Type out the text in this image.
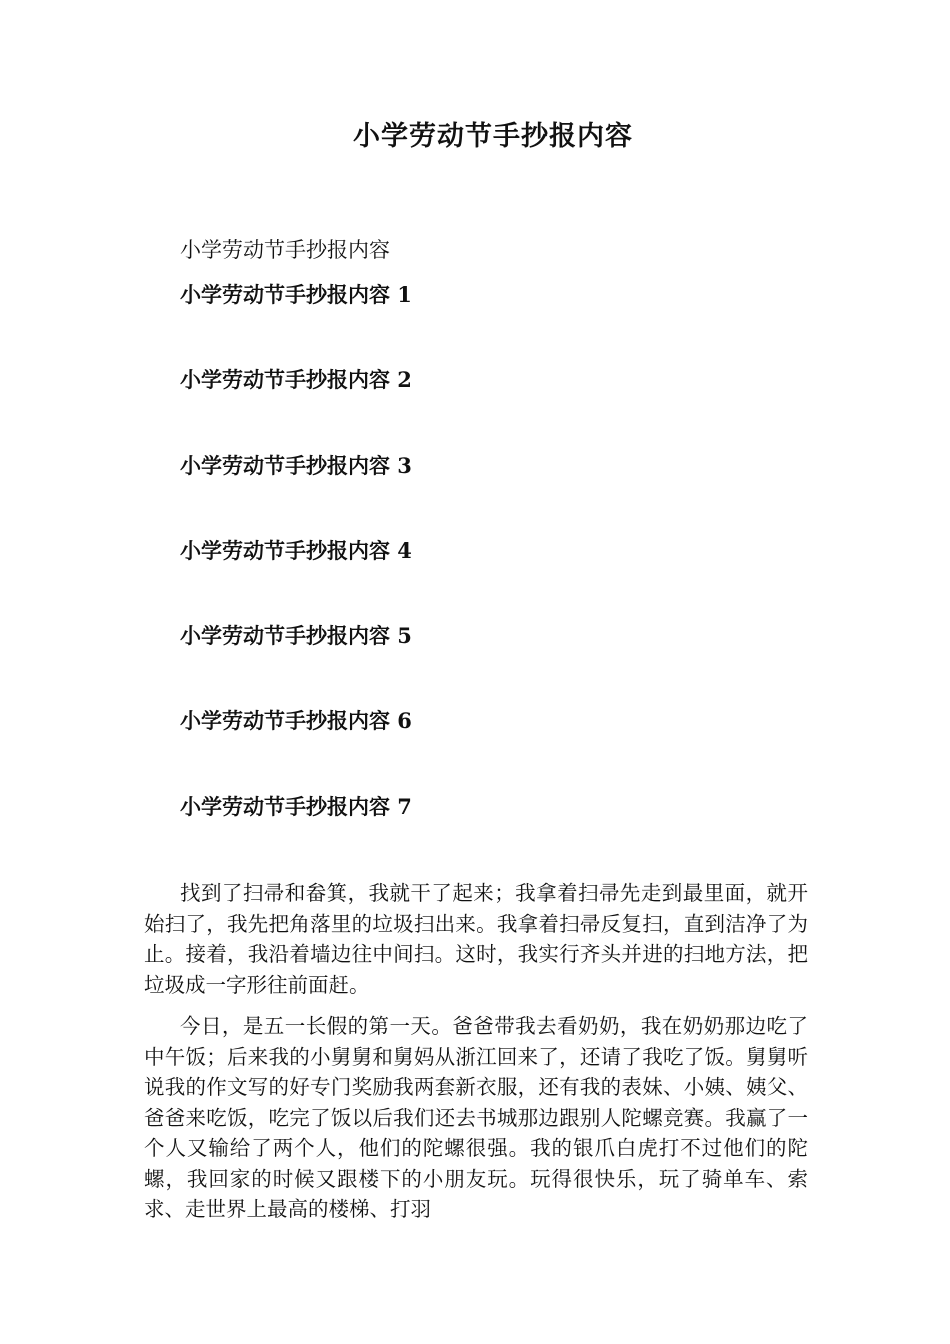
小学劳动节手抄报内容
小学劳动节手抄报内容
小学劳动节手抄报内容 1
小学劳动节手抄报内容 2
小学劳动节手抄报内容 3
小学劳动节手抄报内容 4
小学劳动节手抄报内容 5
小学劳动节手抄报内容 6
小学劳动节手抄报内容 7

找到了扫帚和畚箕，我就干了起来；我拿着扫帚先走到最里面，就开始扫了，我先把角落里的垃圾扫出来。我拿着扫帚反复扫，直到洁净了为止。接着，我沿着墙边往中间扫。这时，我实行齐头并进的扫地方法，把垃圾成一字形往前面赶。

今日，是五一长假的第一天。爸爸带我去看奶奶，我在奶奶那边吃了中午饭；后来我的小舅舅和舅妈从浙江回来了，还请了我吃了饭。舅舅听说我的作文写的好专门奖励我两套新衣服，还有我的表妹、小姨、姨父、爸爸来吃饭，吃完了饭以后我们还去书城那边跟别人陀螺竞赛。我赢了一个人又输给了两个人，他们的陀螺很强。我的银爪白虎打不过他们的陀螺，我回家的时候又跟楼下的小朋友玩。玩得很快乐，玩了骑单车、索求、走世界上最高的楼梯、打羽
